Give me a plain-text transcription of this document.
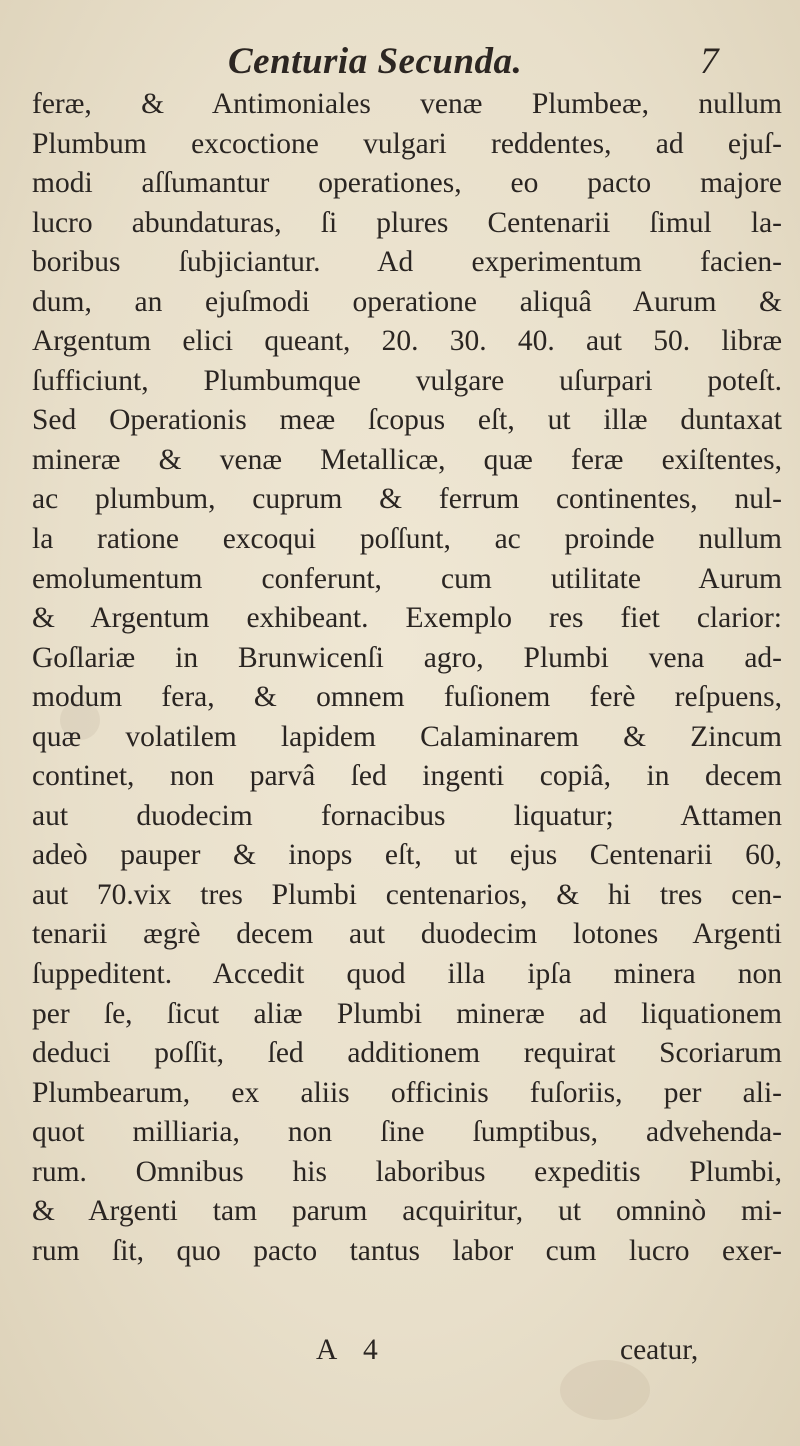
Centuria Secunda.	7
feræ, & Antimoniales venæ Plumbeæ, nullum
Plumbum excoctione vulgari reddentes, ad ejuſ-
modi aſſumantur operationes, eo pacto majore
lucro abundaturas, ſi plures Centenarii ſimul la-
boribus ſubjiciantur. Ad experimentum facien-
dum, an ejuſmodi operatione aliquâ Aurum &
Argentum elici queant, 20. 30. 40. aut 50. libræ
ſufficiunt, Plumbumque vulgare uſurpari poteſt.
Sed Operationis meæ ſcopus eſt, ut illæ duntaxat
mineræ & venæ Metallicæ, quæ feræ exiſtentes,
ac plumbum, cuprum & ferrum continentes, nul-
la ratione excoqui poſſunt, ac proinde nullum
emolumentum conferunt, cum utilitate Aurum
& Argentum exhibeant. Exemplo res fiet clarior:
Goſlariæ in Brunwicenſi agro, Plumbi vena ad-
modum fera, & omnem fuſionem ferè reſpuens,
quæ volatilem lapidem Calaminarem & Zincum
continet, non parvâ ſed ingenti copiâ, in decem
aut duodecim fornacibus liquatur; Attamen
adeò pauper & inops eſt, ut ejus Centenarii 60,
aut 70.vix tres Plumbi centenarios, & hi tres cen-
tenarii ægrè decem aut duodecim lotones Argenti
ſuppeditent. Accedit quod illa ipſa minera non
per ſe, ſicut aliæ Plumbi mineræ ad liquationem
deduci poſſit, ſed additionem requirat Scoriarum
Plumbearum, ex aliis officinis fuſoriis, per ali-
quot milliaria, non ſine ſumptibus, advehenda-
rum. Omnibus his laboribus expeditis Plumbi,
& Argenti tam parum acquiritur, ut omninò mi-
rum ſit, quo pacto tantus labor cum lucro exer-
A 4	ceatur,
